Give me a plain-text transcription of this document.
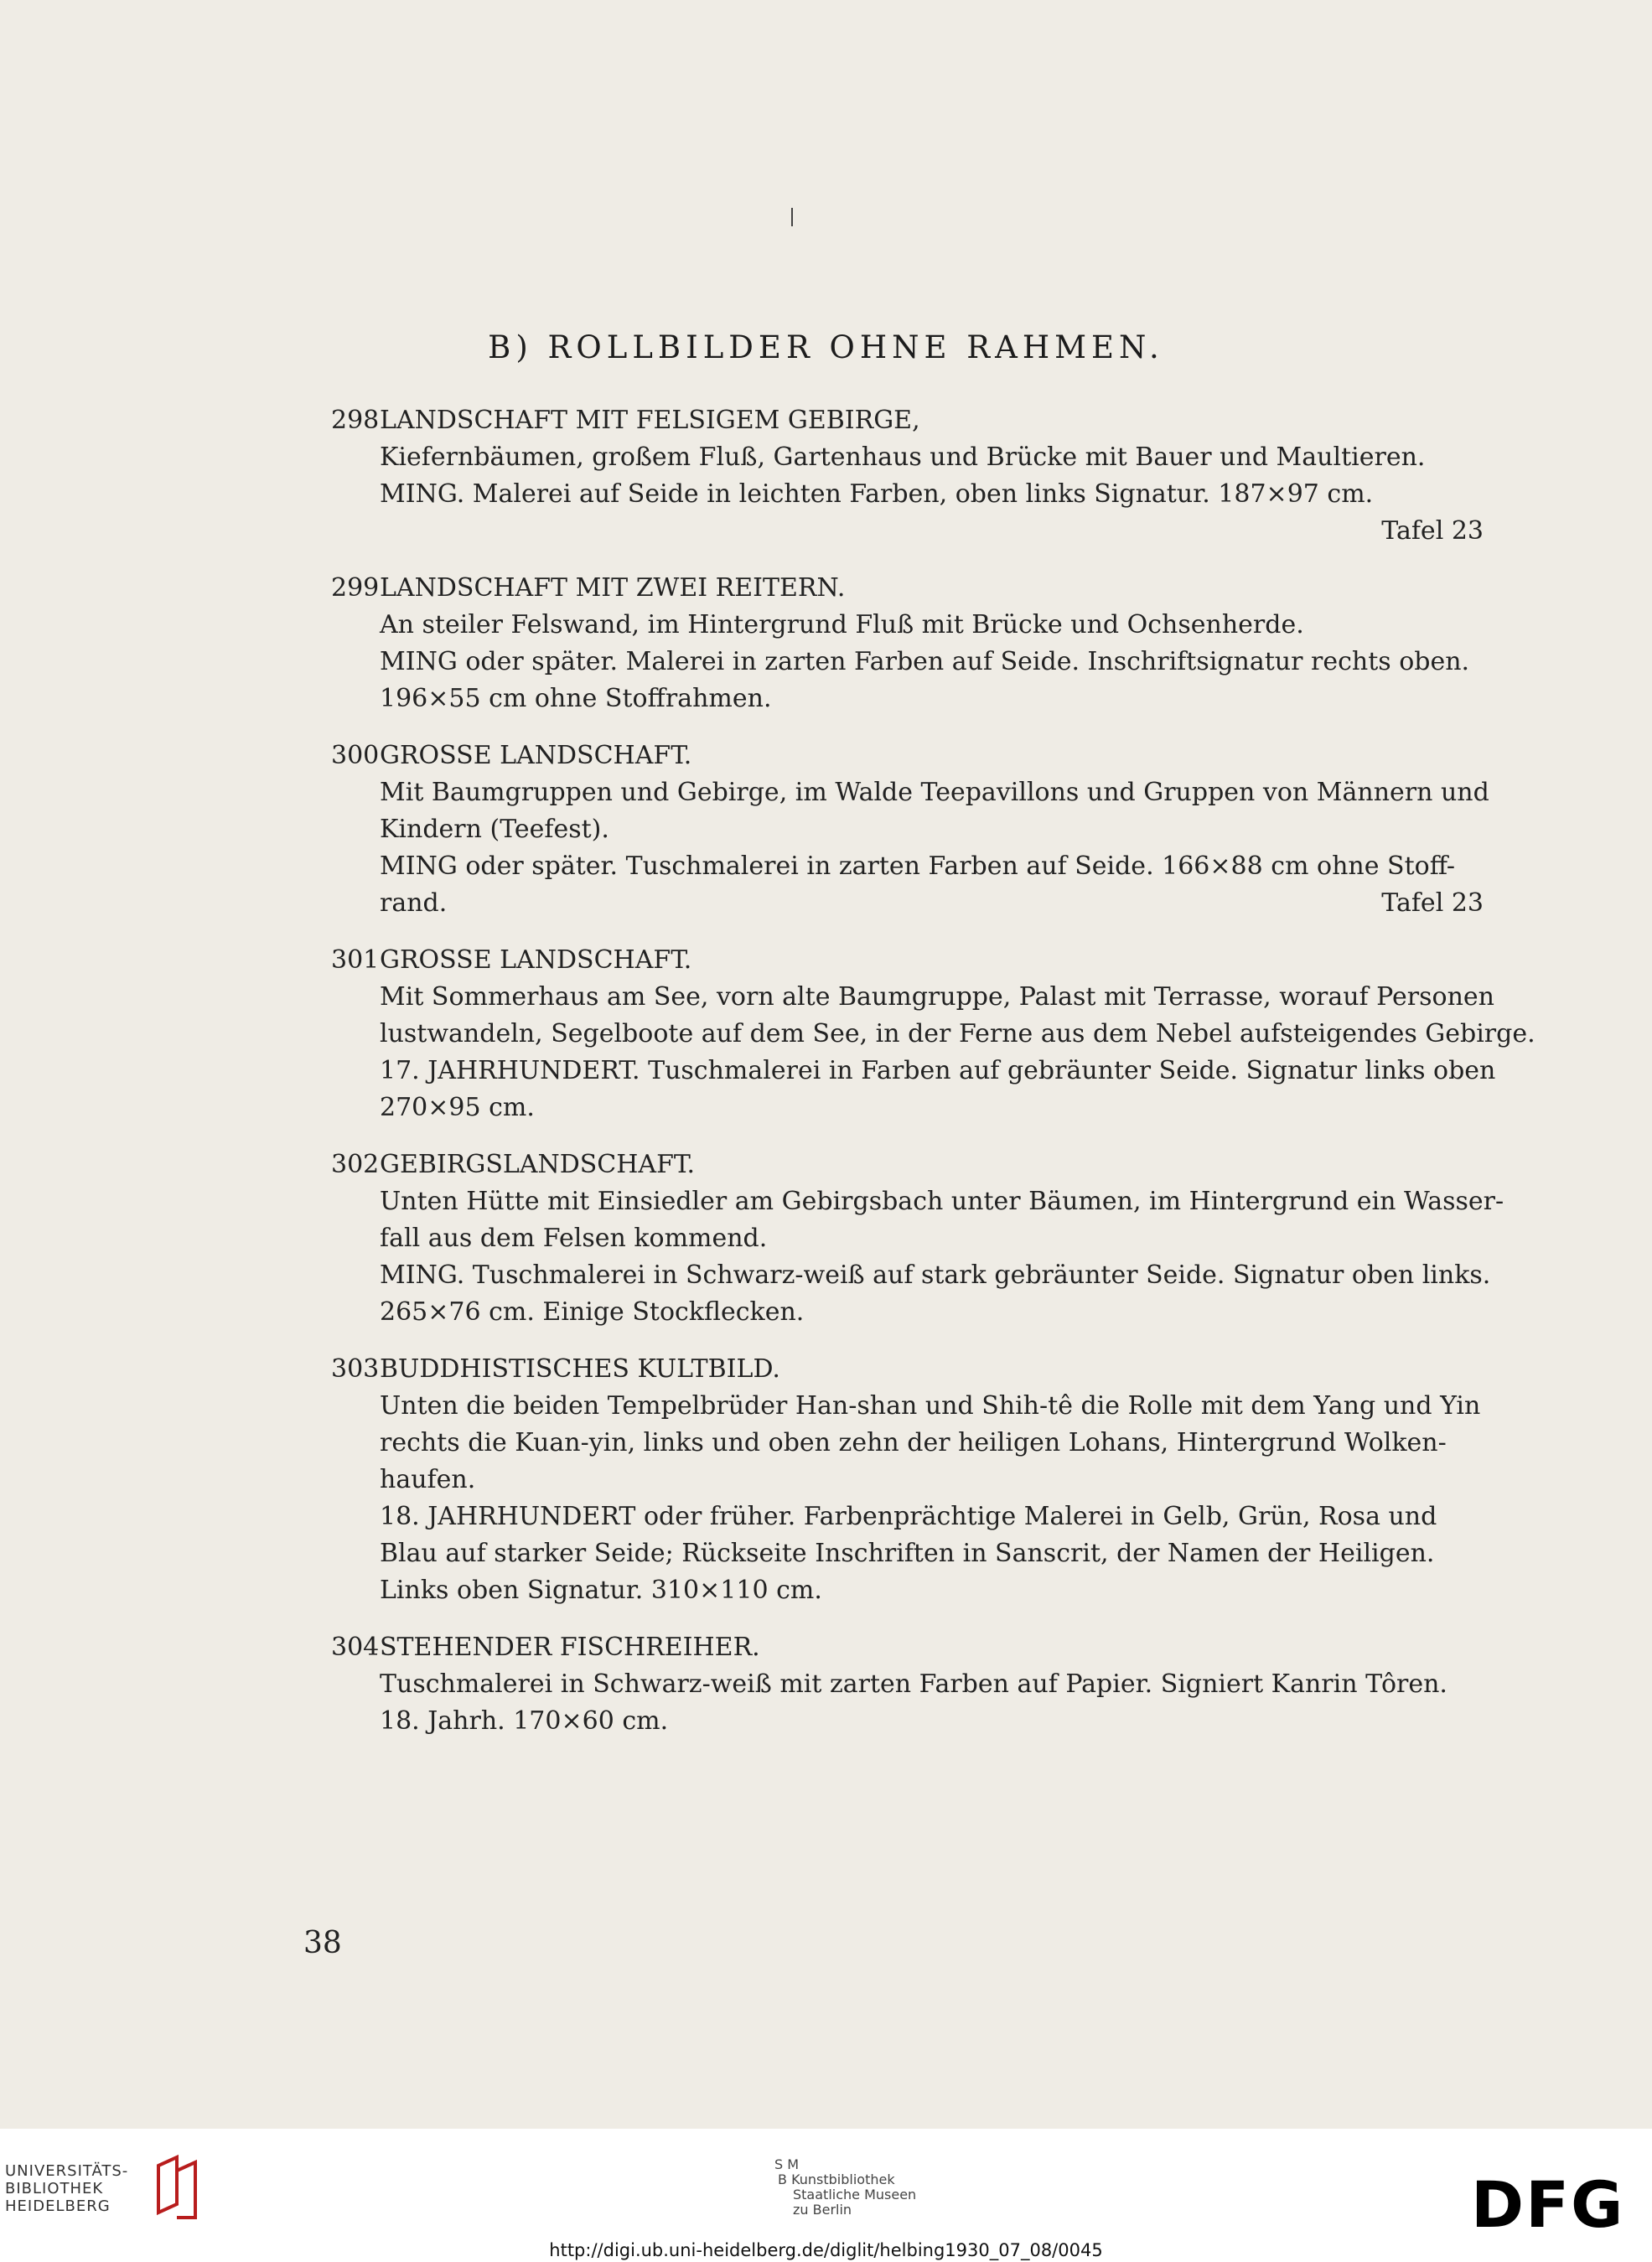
B) ROLLBILDER OHNE RAHMEN.
298LANDSCHAFT MIT FELSIGEM GEBIRGE,
Kiefernbäumen, großem Fluß, Gartenhaus und Brücke mit Bauer und Maultieren.
MING. Malerei auf Seide in leichten Farben, oben links Signatur. 187×97 cm.
Tafel 23
299LANDSCHAFT MIT ZWEI REITERN.
An steiler Felswand, im Hintergrund Fluß mit Brücke und Ochsenherde.
MING oder später. Malerei in zarten Farben auf Seide. Inschriftsignatur rechts oben.
196×55 cm ohne Stoffrahmen.
300GROSSE LANDSCHAFT.
Mit Baumgruppen und Gebirge, im Walde Teepavillons und Gruppen von Männern und
Kindern (Teefest).
MING oder später. Tuschmalerei in zarten Farben auf Seide. 166×88 cm ohne Stoff-
rand.	Tafel 23
301GROSSE LANDSCHAFT.
Mit Sommerhaus am See, vorn alte Baumgruppe, Palast mit Terrasse, worauf Personen
lustwandeln, Segelboote auf dem See, in der Ferne aus dem Nebel aufsteigendes Gebirge.
17. JAHRHUNDERT. Tuschmalerei in Farben auf gebräunter Seide. Signatur links oben
270×95 cm.
302GEBIRGSLANDSCHAFT.
Unten Hütte mit Einsiedler am Gebirgsbach unter Bäumen, im Hintergrund ein Wasser-
fall aus dem Felsen kommend.
MING. Tuschmalerei in Schwarz-weiß auf stark gebräunter Seide. Signatur oben links.
265×76 cm. Einige Stockflecken.
303BUDDHISTISCHES KULTBILD.
Unten die beiden Tempelbrüder Han-shan und Shih-tê die Rolle mit dem Yang und Yin
rechts die Kuan-yin, links und oben zehn der heiligen Lohans, Hintergrund Wolken-
haufen.
18. JAHRHUNDERT oder früher. Farbenprächtige Malerei in Gelb, Grün, Rosa und
Blau auf starker Seide; Rückseite Inschriften in Sanscrit, der Namen der Heiligen.
Links oben Signatur. 310×110 cm.
304STEHENDER FISCHREIHER.
Tuschmalerei in Schwarz-weiß mit zarten Farben auf Papier. Signiert Kanrin Tôren.
18. Jahrh. 170×60 cm.
38
UNIVERSITÄTS-
BIBLIOTHEK
HEIDELBERG
S M
B Kunstbibliothek
Staatliche Museen
zu Berlin	DFG
http://digi.ub.uni-heidelberg.de/diglit/helbing1930_07_08/0045
